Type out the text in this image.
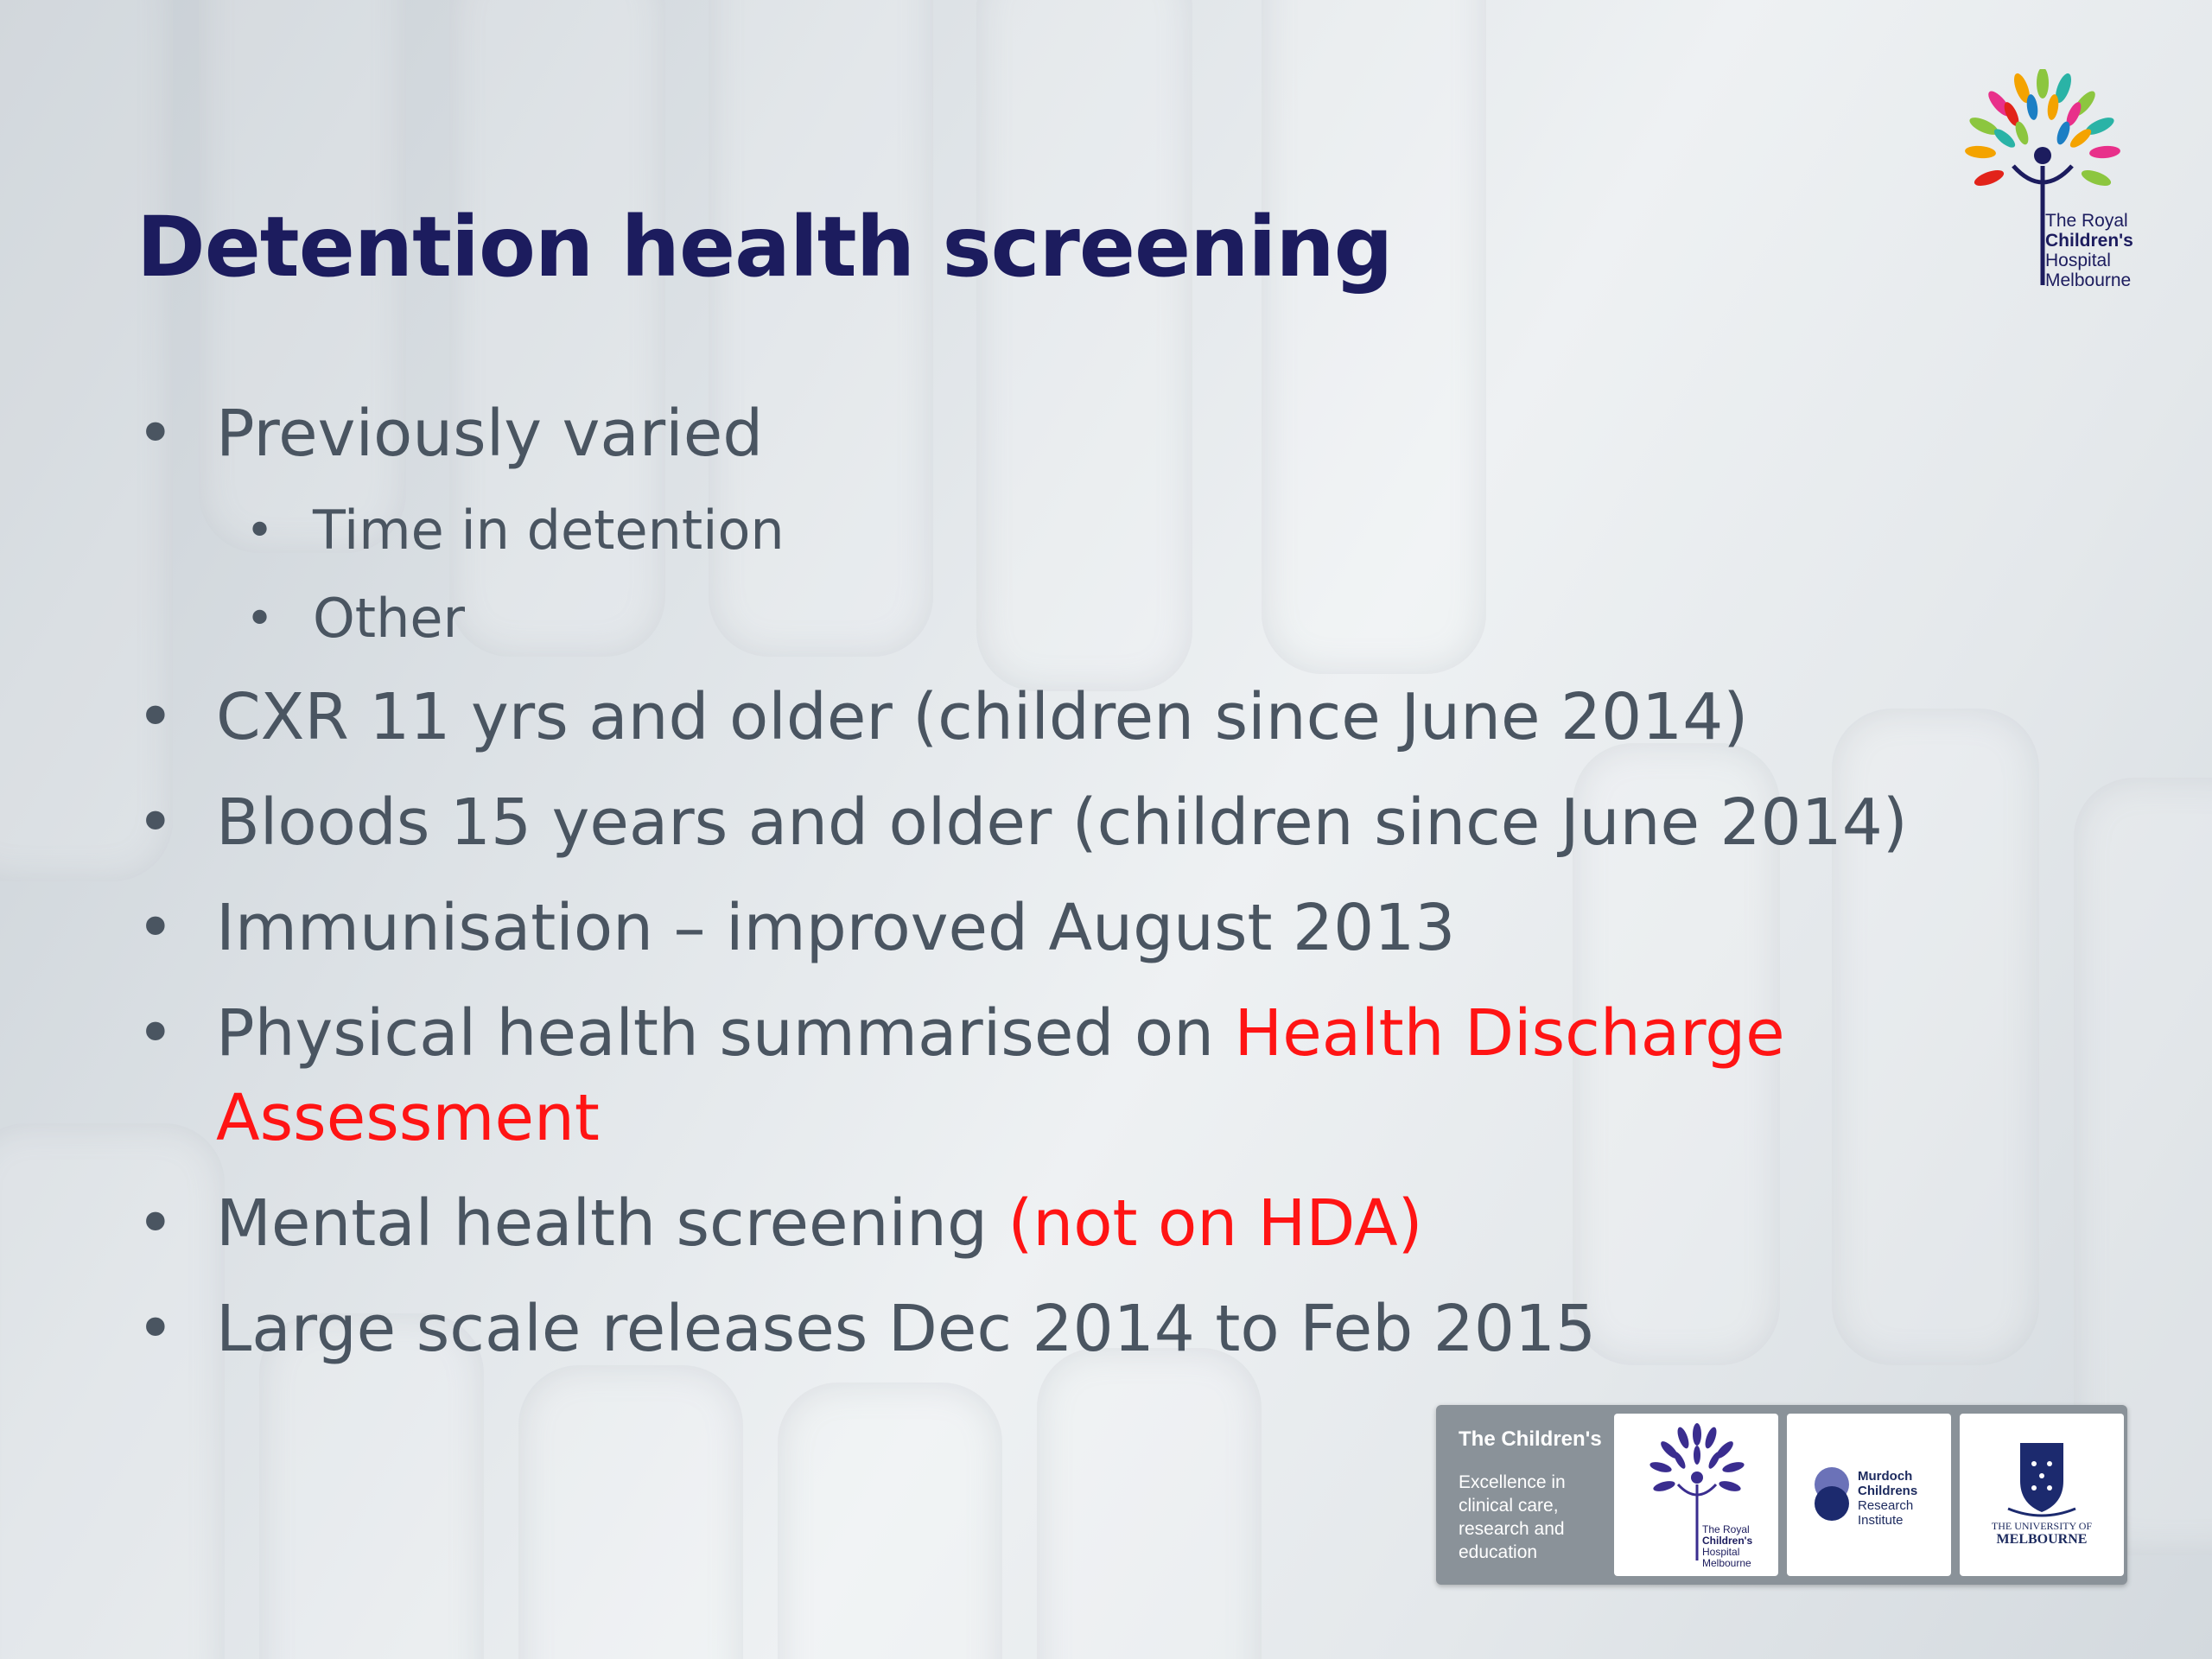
Detention health screening
• Previously varied
• Time in detention
• Other
• CXR 11 yrs and older (children since June 2014)
• Bloods 15 years and older (children since June 2014)
• Immunisation – improved August 2013
• Physical health summarised on Health Discharge
Assessment
• Mental health screening (not on HDA)
• Large scale releases Dec 2014 to Feb 2015
The Royal
Children's
Hospital
Melbourne
The Children's
Excellence in
clinical care,
research and
education
The Royal
Children's
Hospital
Melbourne
Murdoch
Childrens
Research
Institute	THE UNIVERSITY OF
MELBOURNE
